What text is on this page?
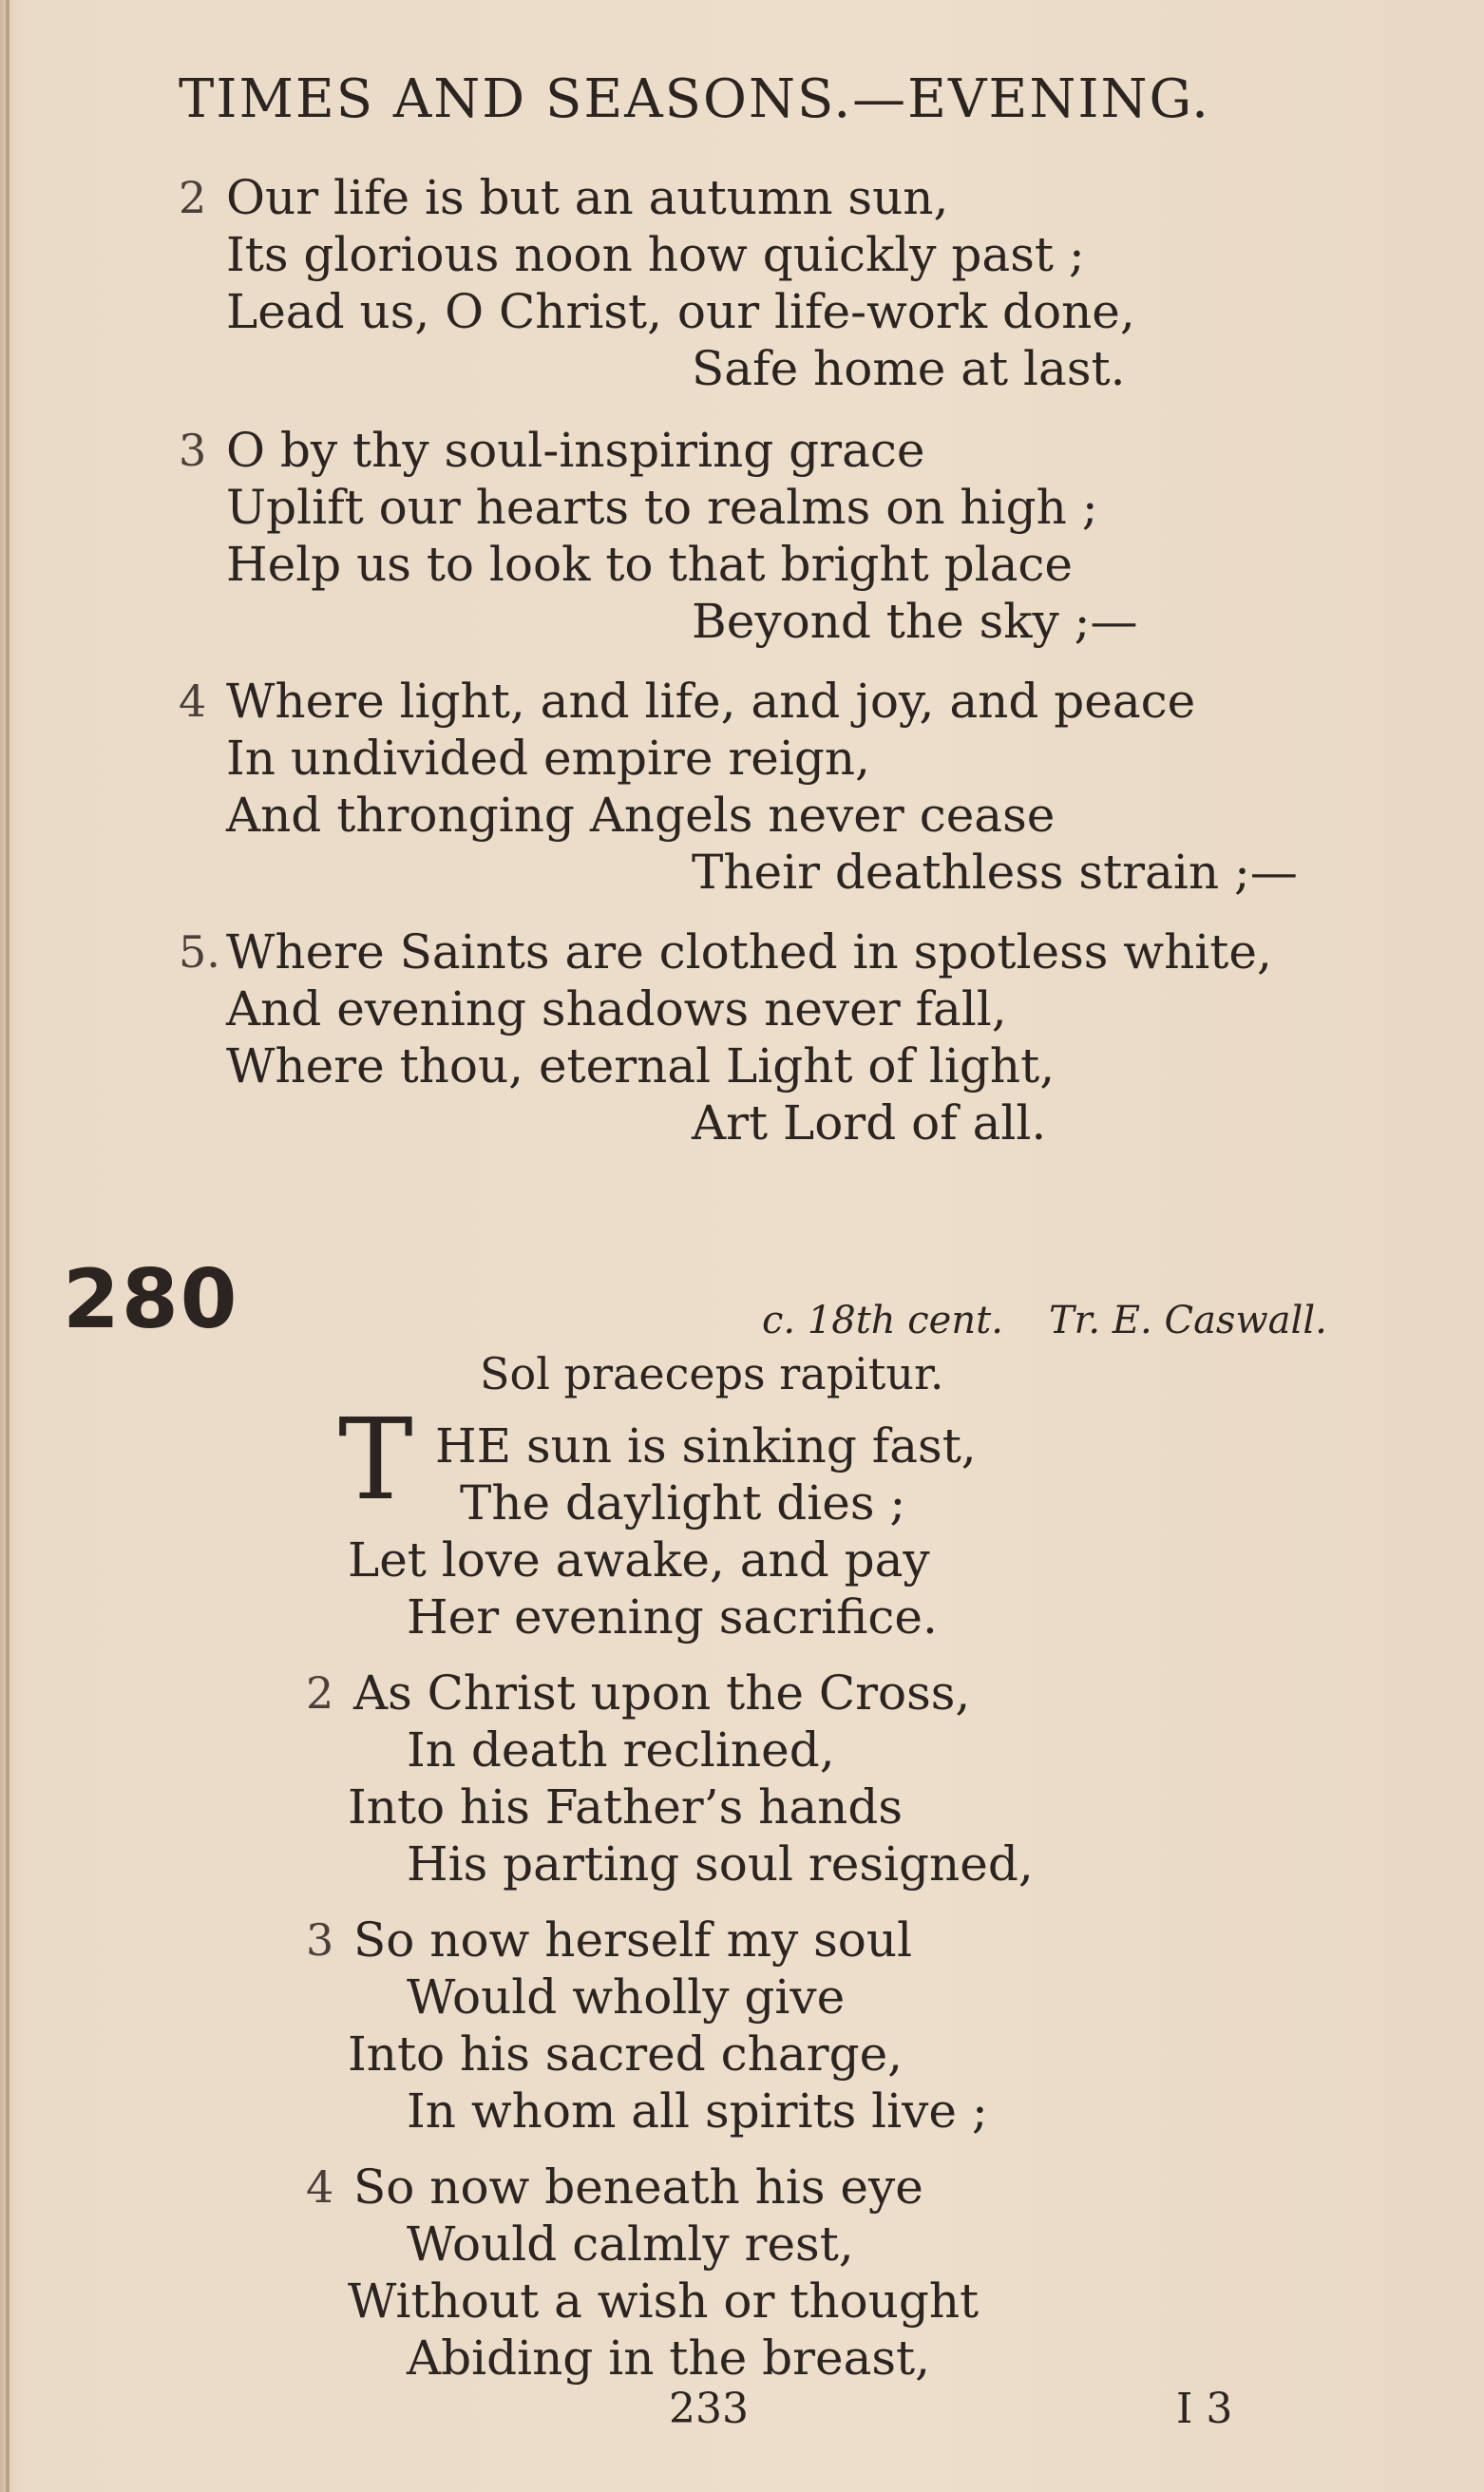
TIMES AND SEASONS.—EVENING.
2 Our life is but an autumn sun,
Its glorious noon how quickly past ;
Lead us, O Christ, our life-work done,
Safe home at last.
3 O by thy soul-inspiring grace
Uplift our hearts to realms on high ;
Help us to look to that bright place
Beyond the sky ;—
4 Where light, and life, and joy, and peace
In undivided empire reign,
And thronging Angels never cease
Their deathless strain ;—
5. Where Saints are clothed in spotless white,
And evening shadows never fall,
Where thou, eternal Light of light,
Art Lord of all.
280	c. 18th cent. Tr. E. Caswall.
Sol praeceps rapitur.
T HE sun is sinking fast,
The daylight dies ;
Let love awake, and pay
Her evening sacrifice.
2 As Christ upon the Cross,
In death reclined,
Into his Father’s hands
His parting soul resigned,
3 So now herself my soul
Would wholly give
Into his sacred charge,
In whom all spirits live ;
4 So now beneath his eye
Would calmly rest,
Without a wish or thought
Abiding in the breast,
233	I 3
